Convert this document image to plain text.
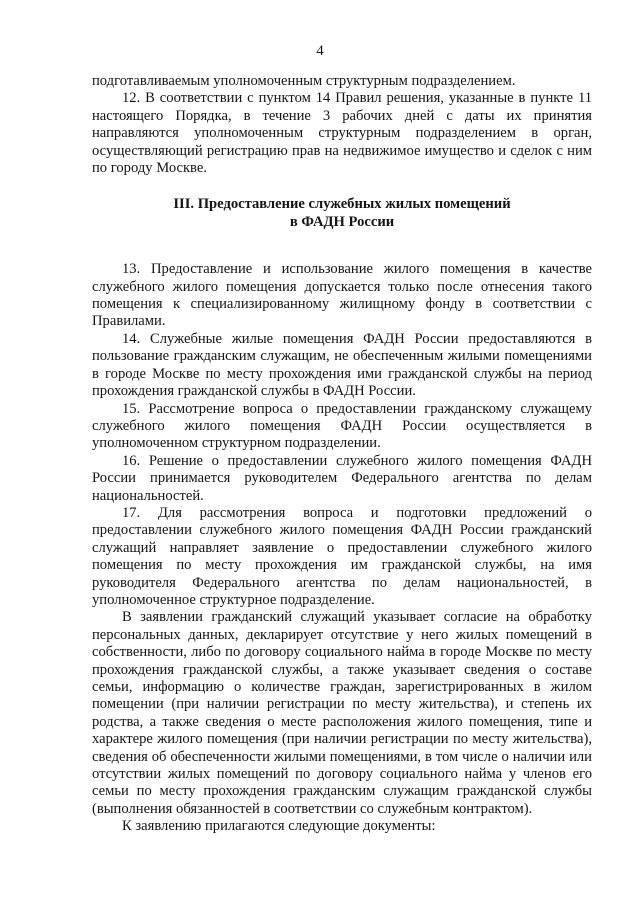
4

подготавливаемым уполномоченным структурным подразделением.

12. В соответствии с пунктом 14 Правил решения, указанные в пункте 11 настоящего Порядка, в течение 3 рабочих дней с даты их принятия направляются уполномоченным структурным подразделением в орган, осуществляющий регистрацию прав на недвижимое имущество и сделок с ним по городу Москве.

III. Предоставление служебных жилых помещений

в ФАДН России

13. Предоставление и использование жилого помещения в качестве служебного жилого помещения допускается только после отнесения такого помещения к специализированному жилищному фонду в соответствии с Правилами.

14. Служебные жилые помещения ФАДН России предоставляются в пользование гражданским служащим, не обеспеченным жилыми помещениями в городе Москве по месту прохождения ими гражданской службы на период прохождения гражданской службы в ФАДН России.

15. Рассмотрение вопроса о предоставлении гражданскому служащему служебного жилого помещения ФАДН России осуществляется в уполномоченном структурном подразделении.

16. Решение о предоставлении служебного жилого помещения ФАДН России принимается руководителем Федерального агентства по делам национальностей.

17. Для рассмотрения вопроса и подготовки предложений о предоставлении служебного жилого помещения ФАДН России гражданский служащий направляет заявление о предоставлении служебного жилого помещения по месту прохождения им гражданской службы, на имя руководителя Федерального агентства по делам национальностей, в уполномоченное структурное подразделение.

В заявлении гражданский служащий указывает согласие на обработку персональных данных, декларирует отсутствие у него жилых помещений в собственности, либо по договору социального найма в городе Москве по месту прохождения гражданской службы, а также указывает сведения о составе семьи, информацию о количестве граждан, зарегистрированных в жилом помещении (при наличии регистрации по месту жительства), и степень их родства, а также сведения о месте расположения жилого помещения, типе и характере жилого помещения (при наличии регистрации по месту жительства), сведения об обеспеченности жилыми помещениями, в том числе о наличии или отсутствии жилых помещений по договору социального найма у членов его семьи по месту прохождения гражданским служащим гражданской службы (выполнения обязанностей в соответствии со служебным контрактом).

К заявлению прилагаются следующие документы:
